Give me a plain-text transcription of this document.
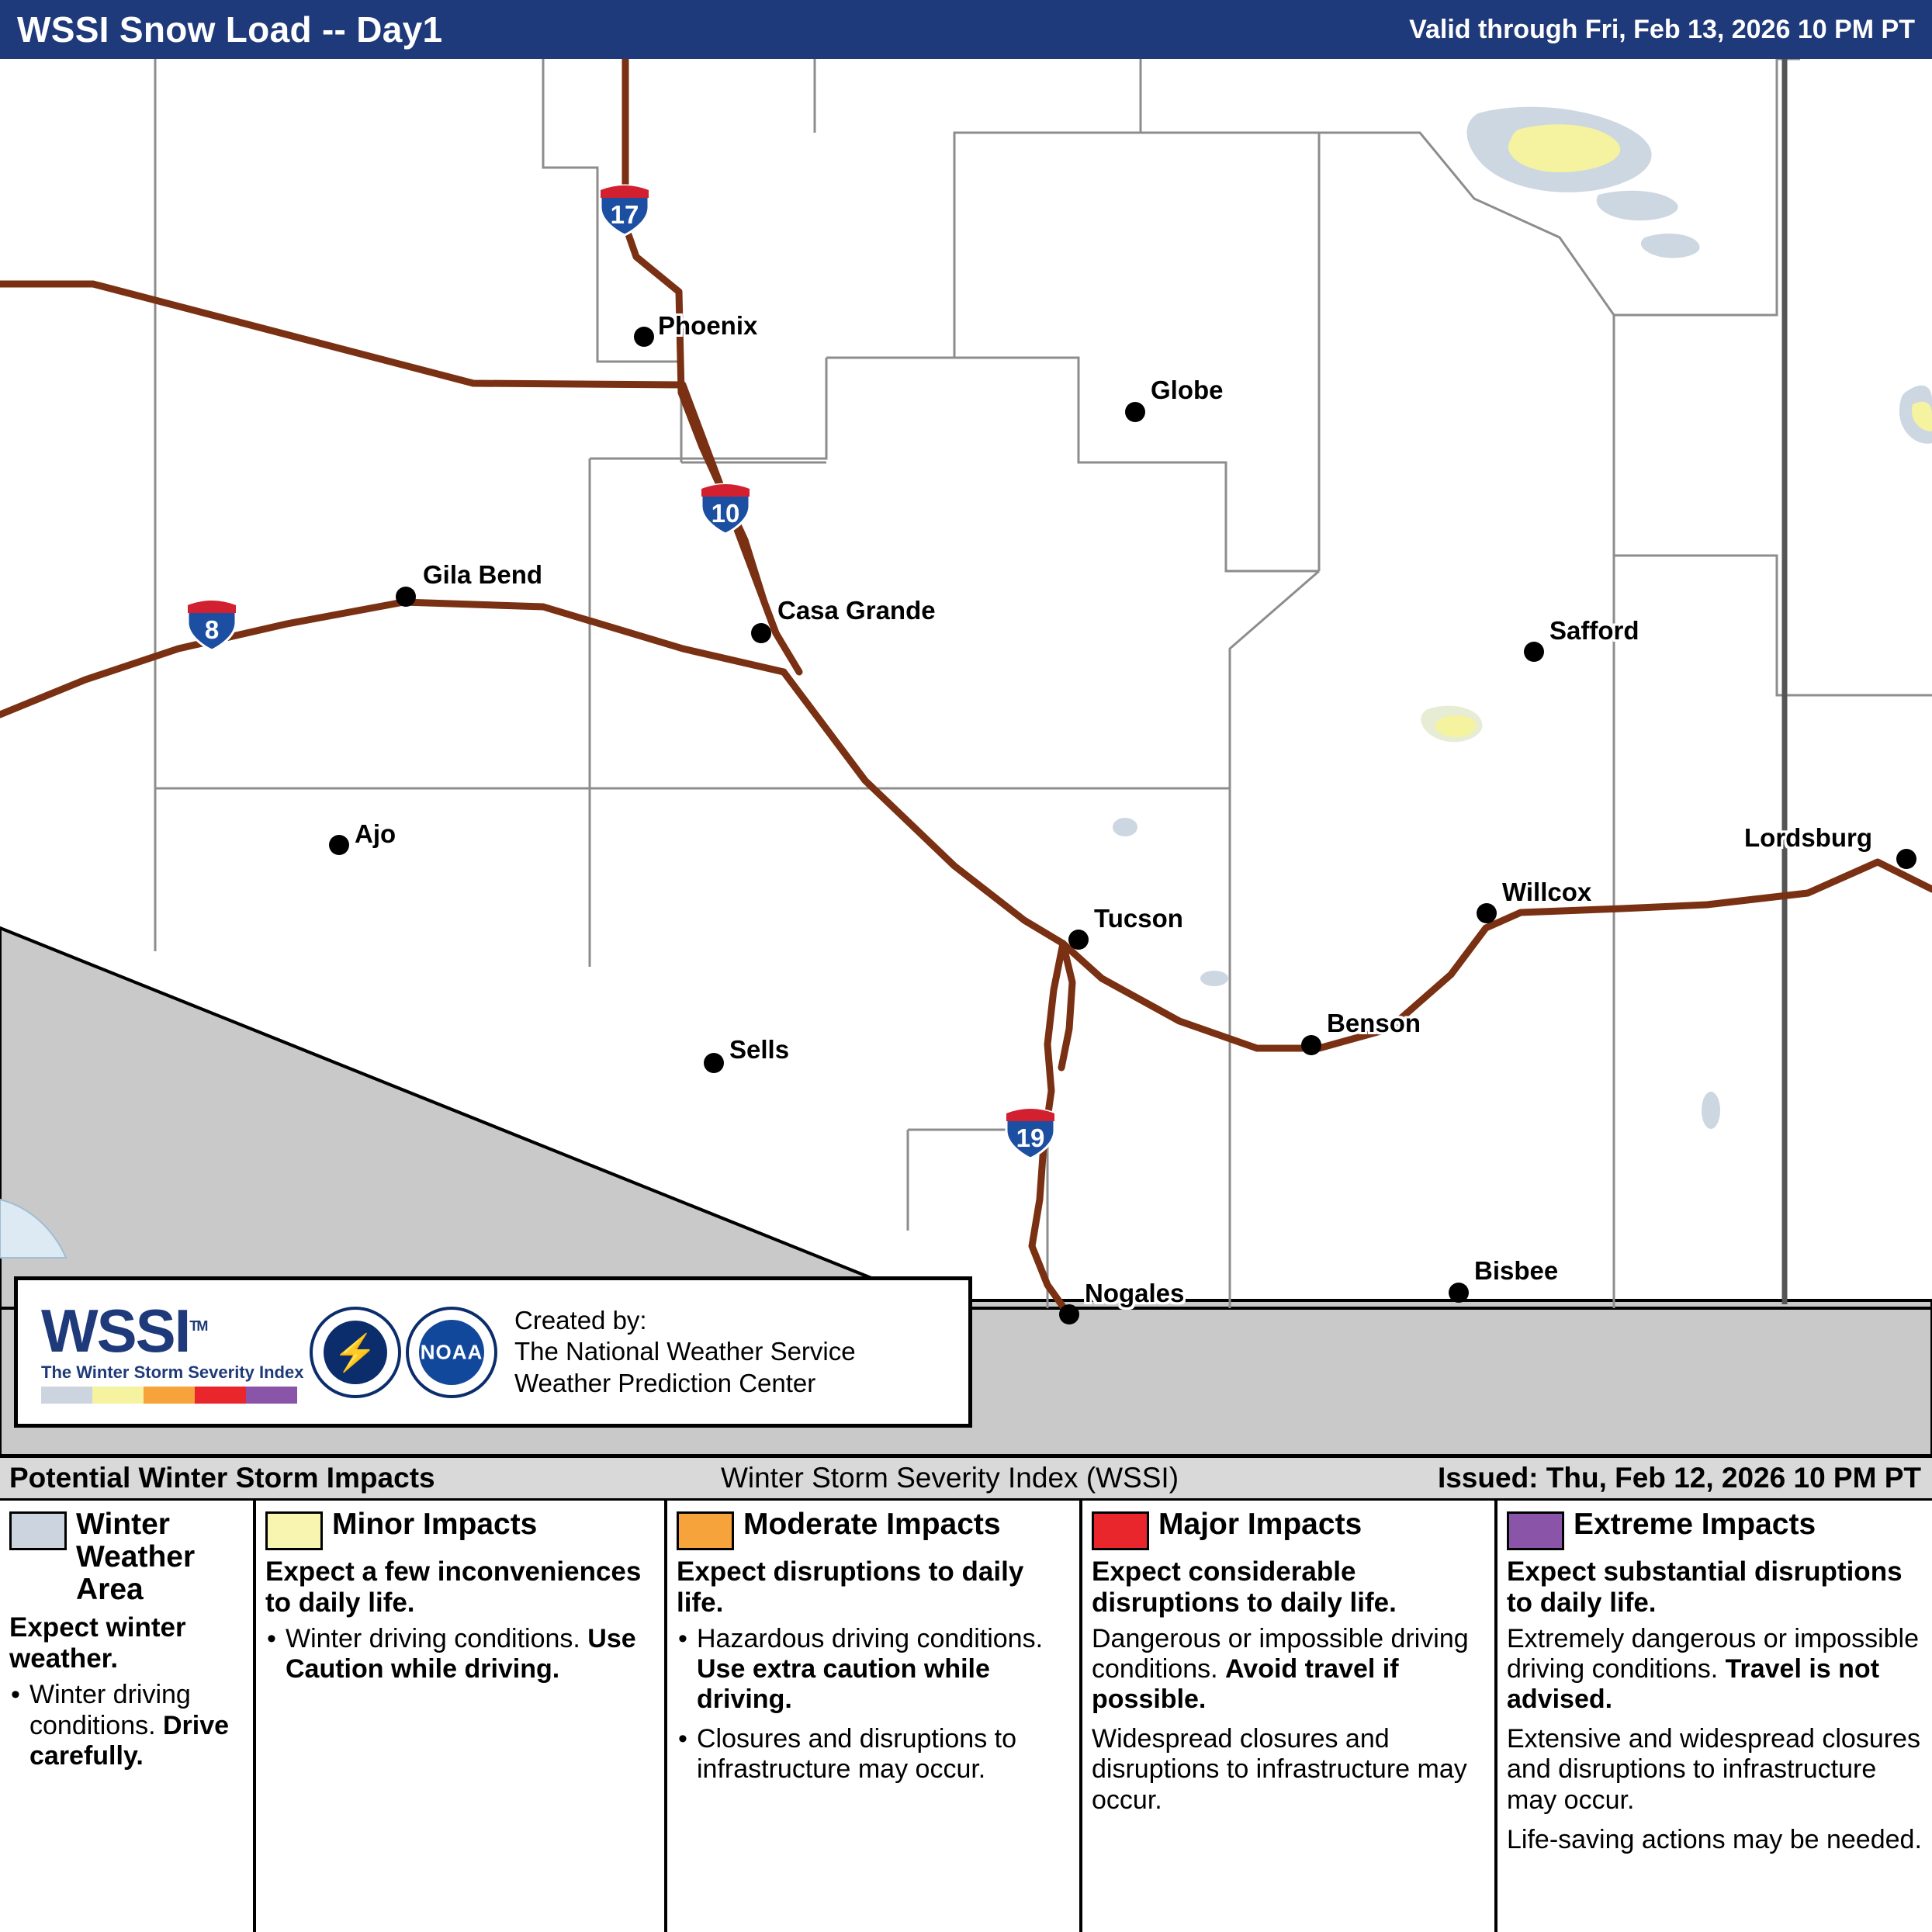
WSSI Snow Load -- Day1	Valid through Fri, Feb 13, 2026 10 PM PT
Phoenix
Globe
Gila Bend
Casa Grande
Safford
Ajo	Lordsburg
Willcox
Tucson
Benson
Sells
Bisbee
Nogales
17
10
8
19
WSSI™
The Winter Storm Severity Index ⚡ NOAA
Created by:
The National Weather Service
Weather Prediction Center
Potential Winter Storm Impacts	Winter Storm Severity Index (WSSI)	Issued: Thu, Feb 12, 2026 10 PM PT
Winter Weather Area
Expect winter weather.
• Winter driving conditions. Drive carefully.
Minor Impacts
Expect a few inconveniences to daily life.
• Winter driving conditions. Use Caution while driving.
Moderate Impacts
Expect disruptions to daily life.
• Hazardous driving conditions. Use extra caution while driving.
• Closures and disruptions to infrastructure may occur.
Major Impacts
Expect considerable disruptions to daily life.
Dangerous or impossible driving conditions. Avoid travel if possible.
Widespread closures and disruptions to infrastructure may occur.
Extreme Impacts
Expect substantial disruptions to daily life.
Extremely dangerous or impossible driving conditions. Travel is not advised.
Extensive and widespread closures and disruptions to infrastructure may occur.
Life-saving actions may be needed.
